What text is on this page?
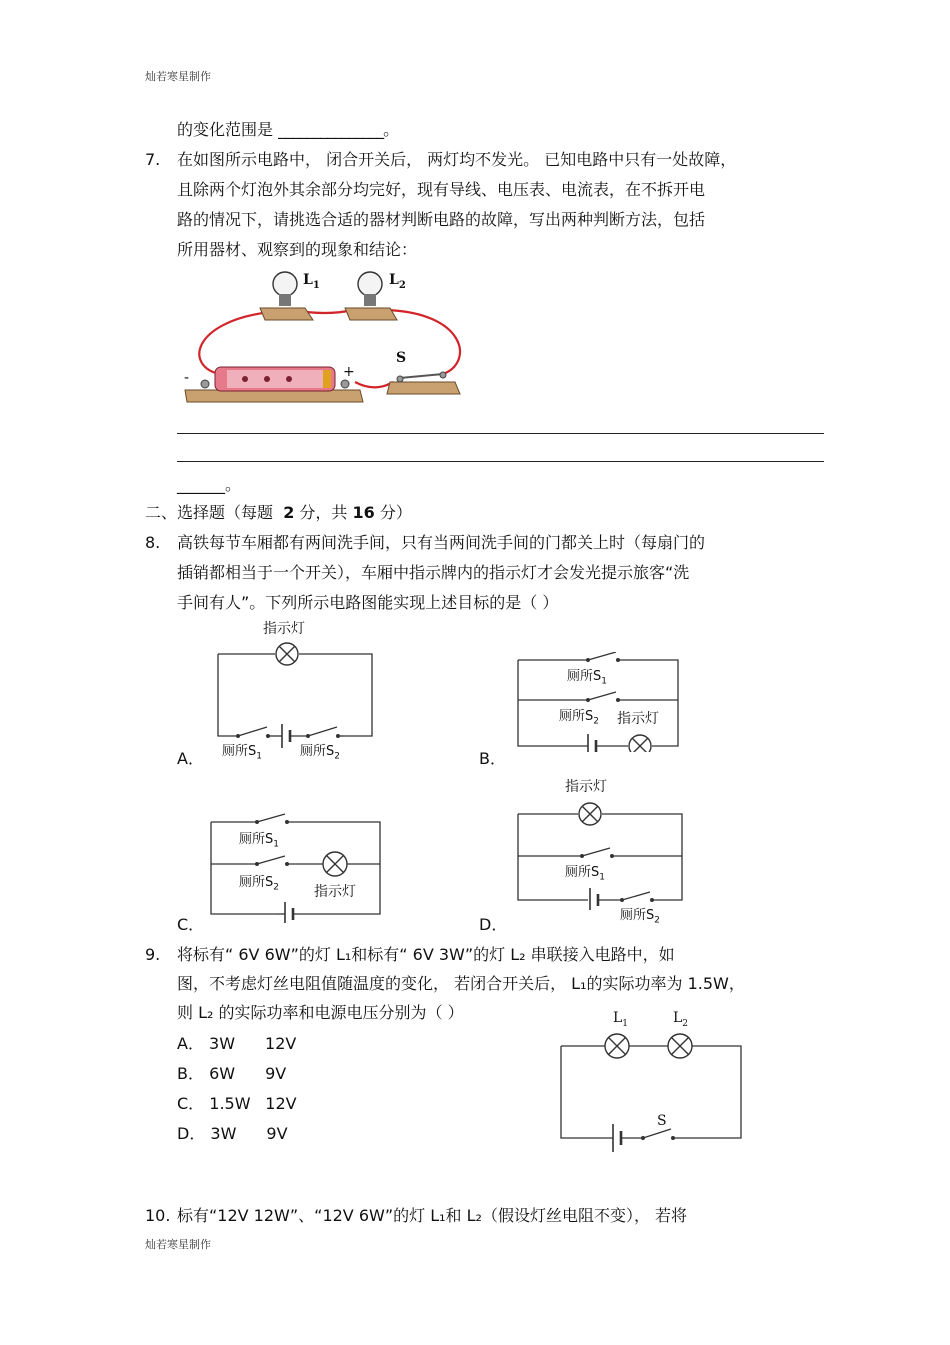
灿若寒星制作
灿若寒星制作
的变化范围是 _______________。
7. 在如图所示电路中， 闭合开关后， 两灯均不发光。 已知电路中只有一处故障，
且除两个灯泡外其余部分均完好，现有导线、电压表、电流表，在不拆开电
路的情况下，请挑选合适的器材判断电路的故障，写出两种判断方法，包括
所用器材、观察到的现象和结论：
$L_1$	$L_2$
S
-	+
______。
二、选择题（每题 2 分，共 16 分）
8. 高铁每节车厢都有两间洗手间，只有当两间洗手间的门都关上时（每扇门的
插销都相当于一个开关），车厢中指示牌内的指示灯才会发光提示旅客“洗
手间有人”。下列所示电路图能实现上述目标的是（ ）
指示灯
厕所$S_1$	厕所$S_2$
A．
厕所$S_1$
厕所$S_2$ 指示灯
B．
厕所$S_1$
厕所$S_2$	指示灯
C．
指示灯
厕所$S_1$
厕所$S_2$
D．
9. 将标有“ 6V 6W”的灯 L₁和标有“ 6V 3W”的灯 L₂ 串联接入电路中，如
图，不考虑灯丝电阻值随温度的变化， 若闭合开关后， L₁的实际功率为 1.5W，
则 L₂ 的实际功率和电源电压分别为（ ）
A． 3W 12V
B． 6W 9V
C． 1.5W 12V
D． 3W 9V
$L_1$	$L_2$
S
10. 标有“12V 12W”、“12V 6W”的灯 L₁和 L₂（假设灯丝电阻不变）， 若将
